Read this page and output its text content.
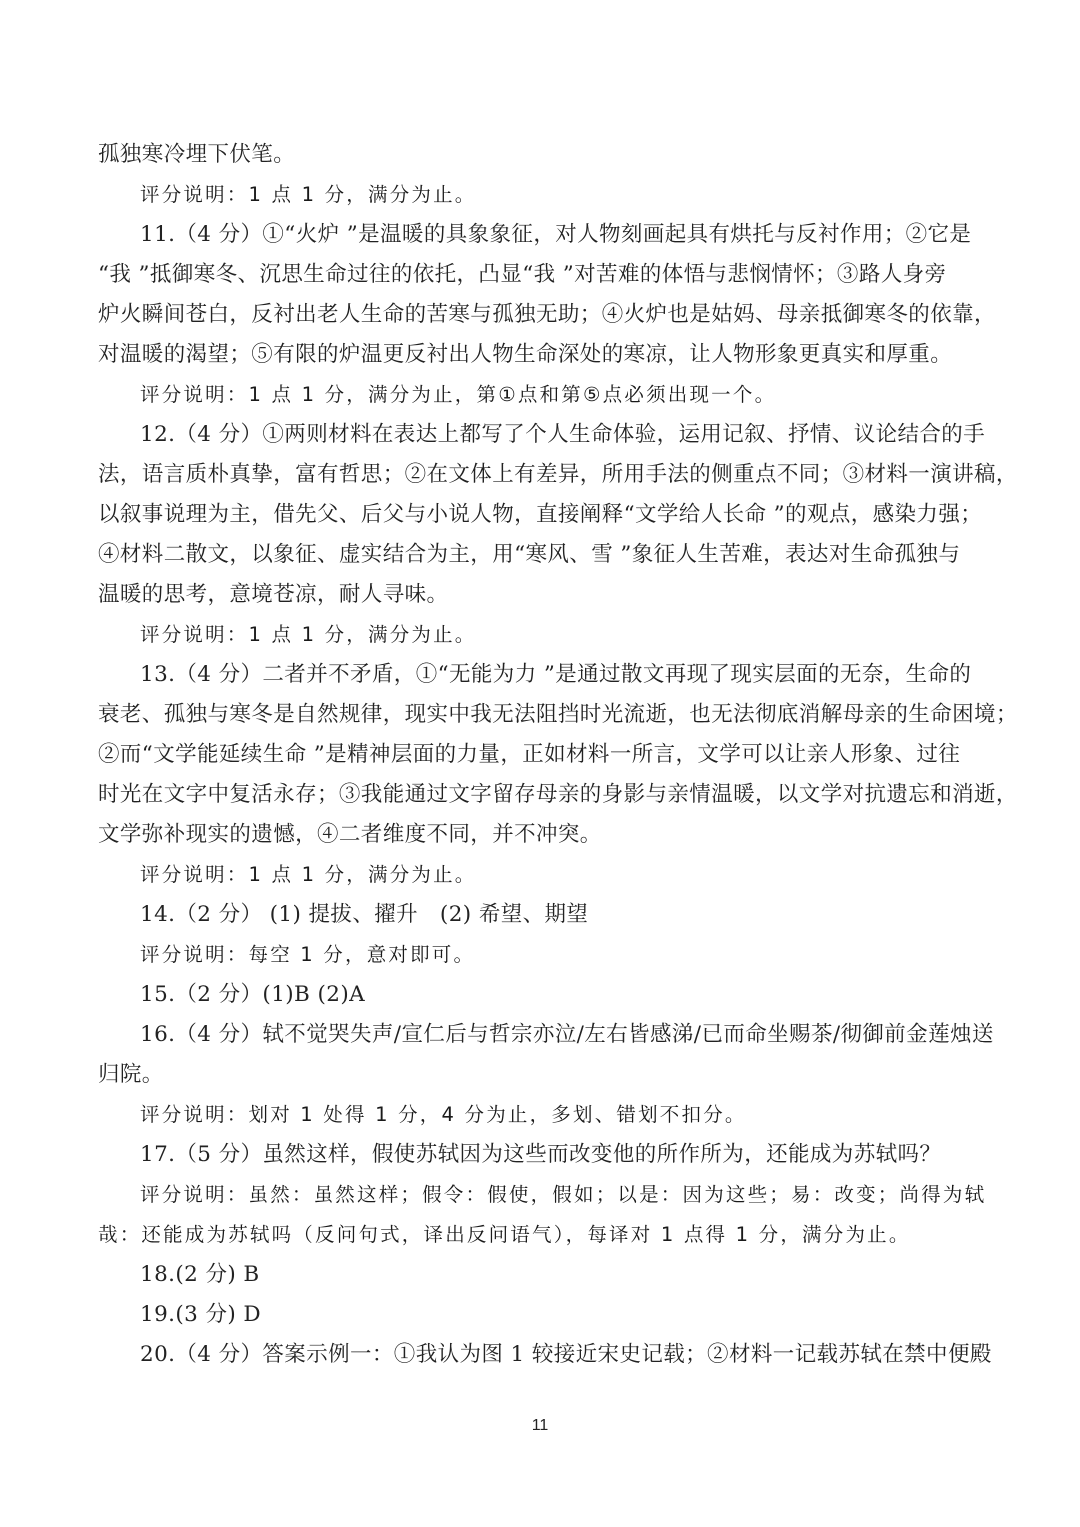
孤独寒冷埋下伏笔。
评分说明：1 点 1 分，满分为止。
11.（4 分）①“火炉 ”是温暖的具象象征，对人物刻画起具有烘托与反衬作用；②它是
“我 ”抵御寒冬、沉思生命过往的依托，凸显“我 ”对苦难的体悟与悲悯情怀；③路人身旁
炉火瞬间苍白，反衬出老人生命的苦寒与孤独无助；④火炉也是姑妈、母亲抵御寒冬的依靠，
对温暖的渴望；⑤有限的炉温更反衬出人物生命深处的寒凉，让人物形象更真实和厚重。
评分说明：1 点 1 分，满分为止，第①点和第⑤点必须出现一个。
12.（4 分）①两则材料在表达上都写了个人生命体验，运用记叙、抒情、议论结合的手
法，语言质朴真挚，富有哲思；②在文体上有差异，所用手法的侧重点不同；③材料一演讲稿，
以叙事说理为主，借先父、后父与小说人物，直接阐释“文学给人长命 ”的观点，感染力强；
④材料二散文，以象征、虚实结合为主，用“寒风、雪 ”象征人生苦难，表达对生命孤独与
温暖的思考，意境苍凉，耐人寻味。
评分说明：1 点 1 分，满分为止。
13.（4 分）二者并不矛盾，①“无能为力 ”是通过散文再现了现实层面的无奈，生命的
衰老、孤独与寒冬是自然规律，现实中我无法阻挡时光流逝，也无法彻底消解母亲的生命困境；
②而“文学能延续生命 ”是精神层面的力量，正如材料一所言，文学可以让亲人形象、过往
时光在文字中复活永存；③我能通过文字留存母亲的身影与亲情温暖，以文学对抗遗忘和消逝，
文学弥补现实的遗憾，④二者维度不同，并不冲突。
评分说明：1 点 1 分，满分为止。
14.（2 分） (1) 提拔、擢升　(2) 希望、期望
评分说明：每空 1 分，意对即可。
15.（2 分）(1)B (2)A
16.（4 分）轼不觉哭失声/宣仁后与哲宗亦泣/左右皆感涕/已而命坐赐茶/彻御前金莲烛送
归院。
评分说明：划对 1 处得 1 分，4 分为止，多划、错划不扣分。
17.（5 分）虽然这样，假使苏轼因为这些而改变他的所作所为，还能成为苏轼吗？
评分说明：虽然：虽然这样；假令：假使，假如；以是：因为这些；易：改变；尚得为轼
哉：还能成为苏轼吗（反问句式，译出反问语气），每译对 1 点得 1 分，满分为止。
18.(2 分) B
19.(3 分) D
20.（4 分）答案示例一：①我认为图 1 较接近宋史记载；②材料一记载苏轼在禁中便殿
11
